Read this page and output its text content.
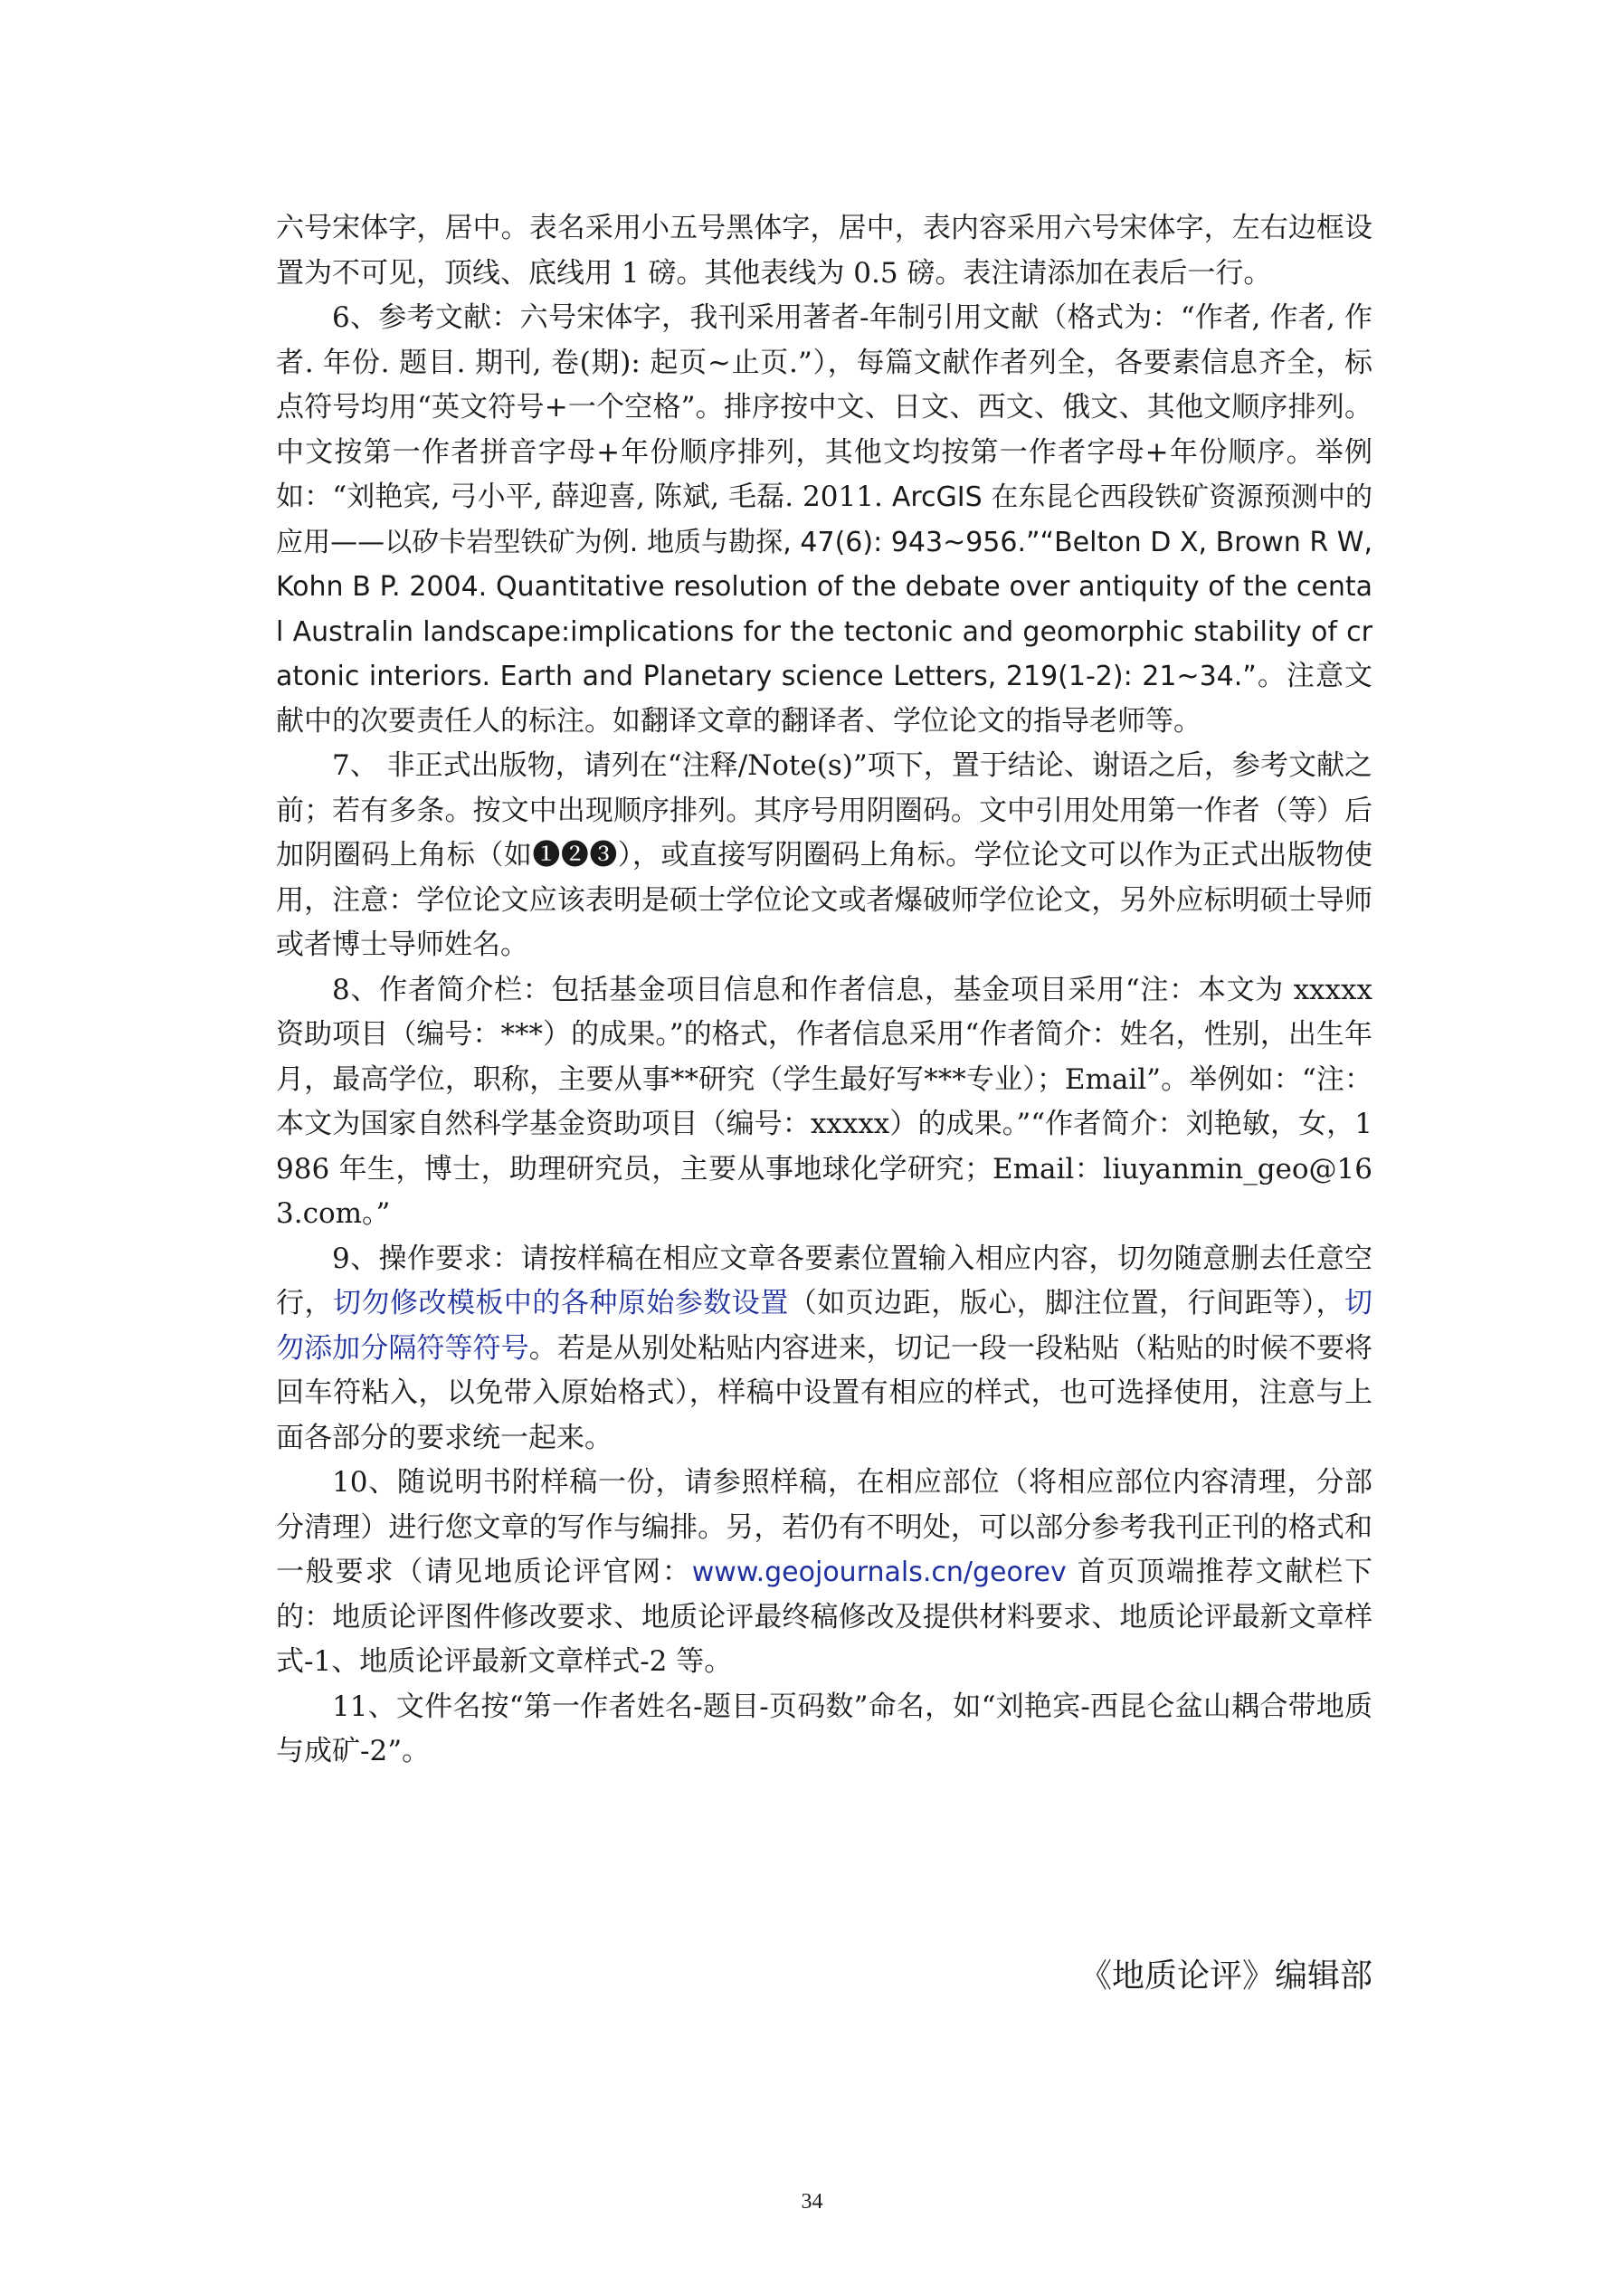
六号宋体字，居中。表名采用小五号黑体字，居中，表内容采用六号宋体字，左右边框设置为不可见，顶线、底线用 1 磅。其他表线为 0.5 磅。表注请添加在表后一行。

6、参考文献：六号宋体字，我刊采用著者-年制引用文献（格式为：“作者, 作者, 作者. 年份. 题目. 期刊, 卷(期): 起页~止页.”），每篇文献作者列全，各要素信息齐全，标点符号均用“英文符号+一个空格”。排序按中文、日文、西文、俄文、其他文顺序排列。 中文按第一作者拼音字母+年份顺序排列，其他文均按第一作者字母+年份顺序。举例如：“刘艳宾, 弓小平, 薛迎喜, 陈斌, 毛磊. 2011. ArcGIS 在东昆仑西段铁矿资源预测中的应用——以矽卡岩型铁矿为例. 地质与勘探, 47(6): 943~956.”“Belton D X, Brown R W, Kohn B P. 2004. Quantitative resolution of the debate over antiquity of the cental Australin landscape:implications for the tectonic and geomorphic stability of cratonic interiors. Earth and Planetary science Letters, 219(1-2): 21~34.”。注意文献中的次要责任人的标注。如翻译文章的翻译者、学位论文的指导老师等。

7、 非正式出版物，请列在“注释/Note(s)”项下，置于结论、谢语之后，参考文献之前；若有多条。按文中出现顺序排列。其序号用阴圈码。文中引用处用第一作者（等）后加阴圈码上角标（如❶❷❸），或直接写阴圈码上角标。学位论文可以作为正式出版物使用，注意：学位论文应该表明是硕士学位论文或者爆破师学位论文，另外应标明硕士导师或者博士导师姓名。

8、作者简介栏：包括基金项目信息和作者信息，基金项目采用“注：本文为 xxxxx 资助项目（编号：***）的成果。”的格式，作者信息采用“作者简介：姓名，性别，出生年月，最高学位，职称，主要从事**研究（学生最好写***专业）；Email”。举例如：“注：本文为国家自然科学基金资助项目（编号：xxxxx）的成果。”“作者简介：刘艳敏，女，1986 年生，博士，助理研究员，主要从事地球化学研究；Email：liuyanmin_geo@163.com。”

9、操作要求：请按样稿在相应文章各要素位置输入相应内容，切勿随意删去任意空行，切勿修改模板中的各种原始参数设置（如页边距，版心，脚注位置，行间距等），切勿添加分隔符等符号。若是从别处粘贴内容进来，切记一段一段粘贴（粘贴的时候不要将回车符粘入，以免带入原始格式），样稿中设置有相应的样式，也可选择使用，注意与上面各部分的要求统一起来。

10、随说明书附样稿一份，请参照样稿，在相应部位（将相应部位内容清理，分部分清理）进行您文章的写作与编排。另，若仍有不明处，可以部分参考我刊正刊的格式和一般要求（请见地质论评官网：www.geojournals.cn/georev 首页顶端推荐文献栏下的：地质论评图件修改要求、地质论评最终稿修改及提供材料要求、地质论评最新文章样式-1、地质论评最新文章样式-2 等。

11、文件名按“第一作者姓名-题目-页码数”命名，如“刘艳宾-西昆仑盆山耦合带地质与成矿-2”。

《地质论评》编辑部
34
